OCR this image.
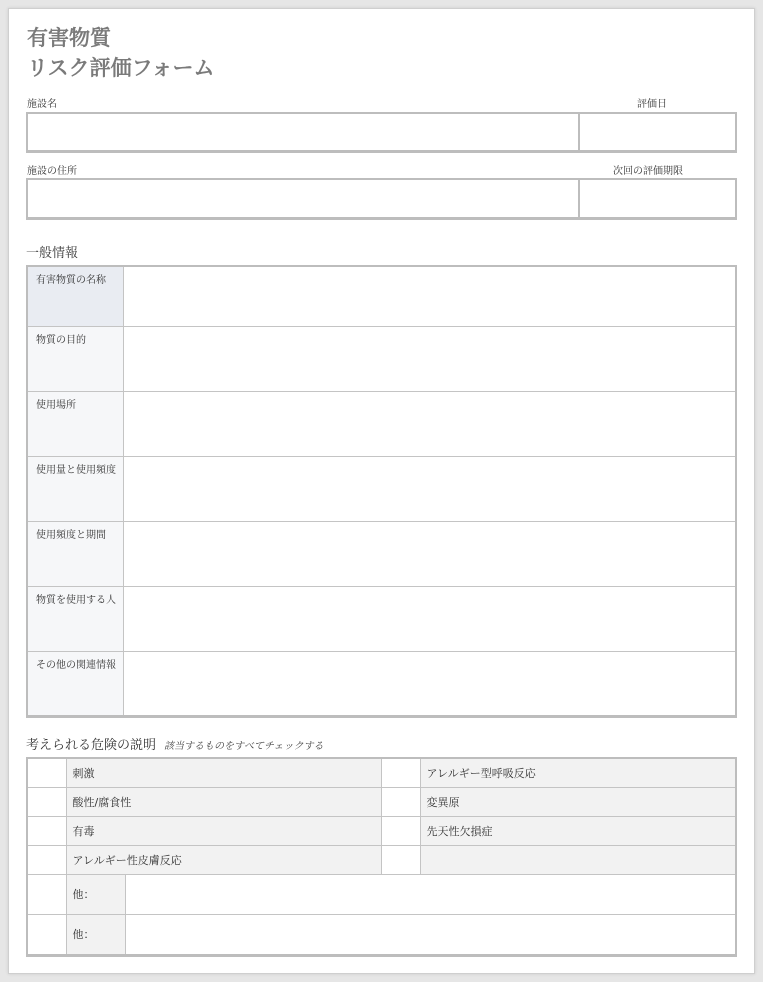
有害物質
リスク評価フォーム
施設名	評価日
施設の住所	次回の評価期限
一般情報
有害物質の名称	
物質の目的	
使用場所	
使用量と使用頻度	
使用頻度と期間	
物質を使用する人	
その他の関連情報	
考えられる危険の説明 該当するものをすべてチェックする
	刺激		アレルギー型呼吸反応
	酸性/腐食性		変異原
	有毒		先天性欠損症
	アレルギー性皮膚反応		

他：	

他：	
